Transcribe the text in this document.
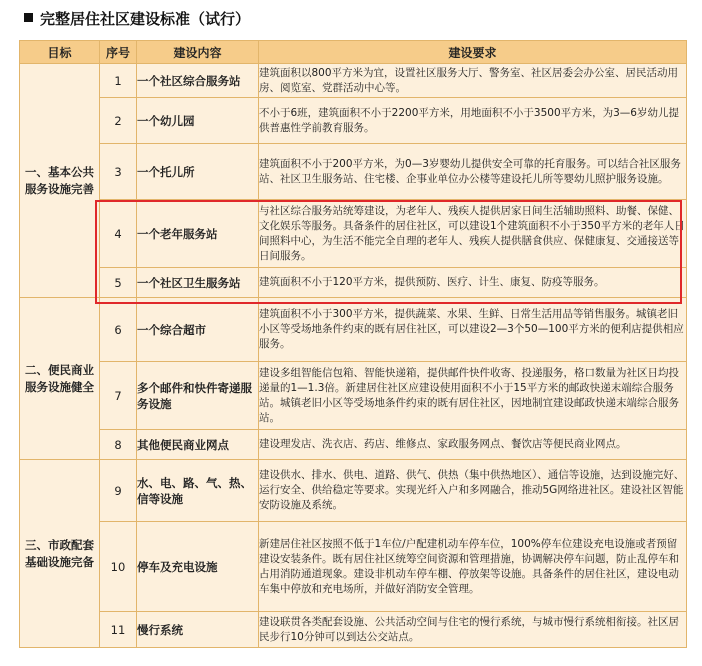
完整居住社区建设标准（试行）
目标	序号	建设内容	建设要求
一、基本公共服务设施完善	1	一个社区综合服务站	建筑面积以800平方米为宜，设置社区服务大厅、警务室、社区居委会办公室、居民活动用房、阅览室、党群活动中心等。
	2	一个幼儿园	不小于6班，建筑面积不小于2200平方米，用地面积不小于3500平方米，为3—6岁幼儿提供普惠性学前教育服务。
	3	一个托儿所	建筑面积不小于200平方米，为0—3岁婴幼儿提供安全可靠的托育服务。可以结合社区服务站、社区卫生服务站、住宅楼、企事业单位办公楼等建设托儿所等婴幼儿照护服务设施。
	4	一个老年服务站	与社区综合服务站统筹建设，为老年人、残疾人提供居家日间生活辅助照料、助餐、保健、文化娱乐等服务。具备条件的居住社区，可以建设1个建筑面积不小于350平方米的老年人日间照料中心，为生活不能完全自理的老年人、残疾人提供膳食供应、保健康复、交通接送等日间服务。
	5	一个社区卫生服务站	建筑面积不小于120平方米，提供预防、医疗、计生、康复、防疫等服务。
二、便民商业服务设施健全	6	一个综合超市	建筑面积不小于300平方米，提供蔬菜、水果、生鲜、日常生活用品等销售服务。城镇老旧小区等受场地条件约束的既有居住社区，可以建设2—3个50—100平方米的便利店提供相应服务。
	7	多个邮件和快件寄递服务设施	建设多组智能信包箱、智能快递箱，提供邮件快件收寄、投递服务，格口数量为社区日均投递量的1—1.3倍。新建居住社区应建设使用面积不小于15平方米的邮政快递末端综合服务站。城镇老旧小区等受场地条件约束的既有居住社区，因地制宜建设邮政快递末端综合服务站。
	8	其他便民商业网点	建设理发店、洗衣店、药店、维修点、家政服务网点、餐饮店等便民商业网点。
三、市政配套基础设施完备	9	水、电、路、气、热、信等设施	建设供水、排水、供电、道路、供气、供热（集中供热地区）、通信等设施，达到设施完好、运行安全、供给稳定等要求。实现光纤入户和多网融合，推动5G网络进社区。建设社区智能安防设施及系统。
	10	停车及充电设施	新建居住社区按照不低于1车位/户配建机动车停车位，100%停车位建设充电设施或者预留建设安装条件。既有居住社区统筹空间资源和管理措施，协调解决停车问题，防止乱停车和占用消防通道现象。建设非机动车停车棚、停放架等设施。具备条件的居住社区，建设电动车集中停放和充电场所，并做好消防安全管理。
	11	慢行系统	建设联贯各类配套设施、公共活动空间与住宅的慢行系统，与城市慢行系统相衔接。社区居民步行10分钟可以到达公交站点。
